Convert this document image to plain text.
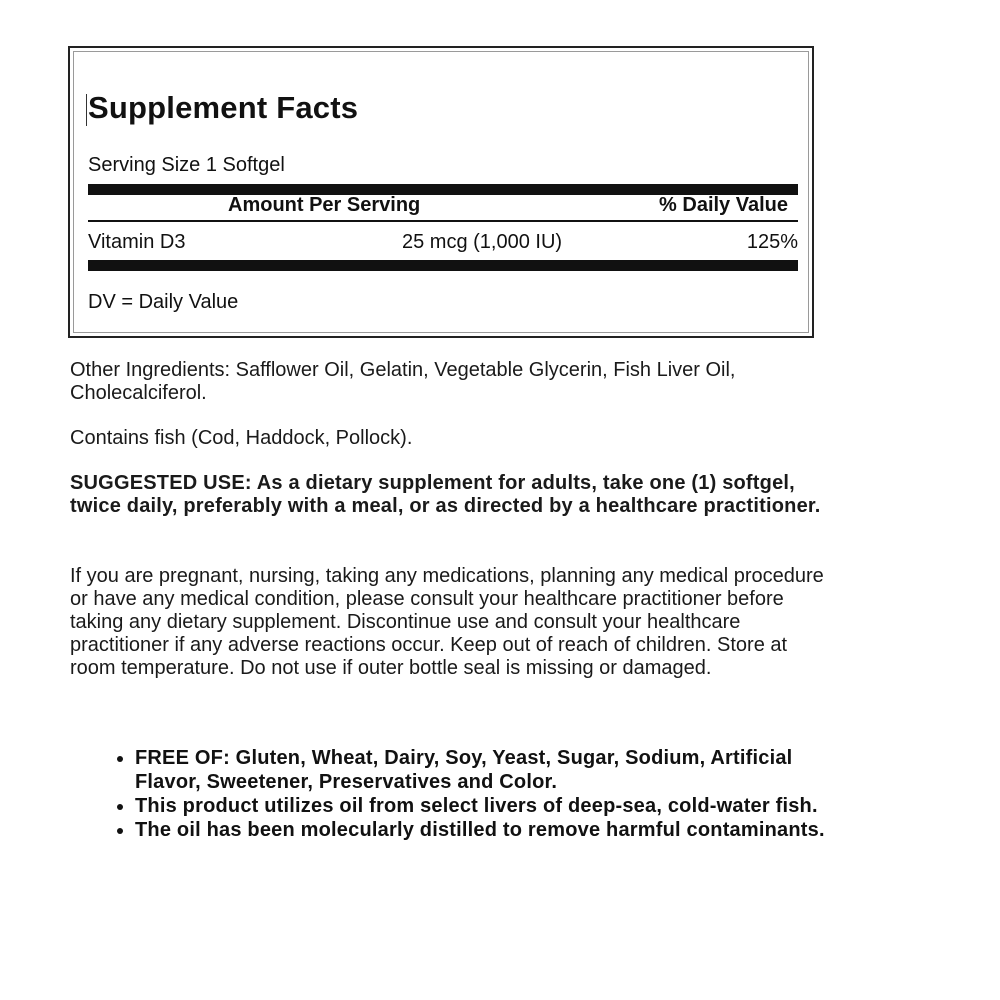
Supplement Facts
Serving Size 1 Softgel
Amount Per Serving	% Daily Value
Vitamin D3	25 mcg (1,000 IU)	125%
DV = Daily Value
Other Ingredients: Safflower Oil, Gelatin, Vegetable Glycerin, Fish Liver Oil, Cholecalciferol.
Contains fish (Cod, Haddock, Pollock).
SUGGESTED USE: As a dietary supplement for adults, take one (1) softgel, twice daily, preferably with a meal, or as directed by a healthcare practitioner.
If you are pregnant, nursing, taking any medications, planning any medical procedure or have any medical condition, please consult your healthcare practitioner before taking any dietary supplement. Discontinue use and consult your healthcare practitioner if any adverse reactions occur. Keep out of reach of children. Store at room temperature. Do not use if outer bottle seal is missing or damaged.
• FREE OF: Gluten, Wheat, Dairy, Soy, Yeast, Sugar, Sodium, Artificial Flavor, Sweetener, Preservatives and Color.
• This product utilizes oil from select livers of deep-sea, cold-water fish.
• The oil has been molecularly distilled to remove harmful contaminants.
